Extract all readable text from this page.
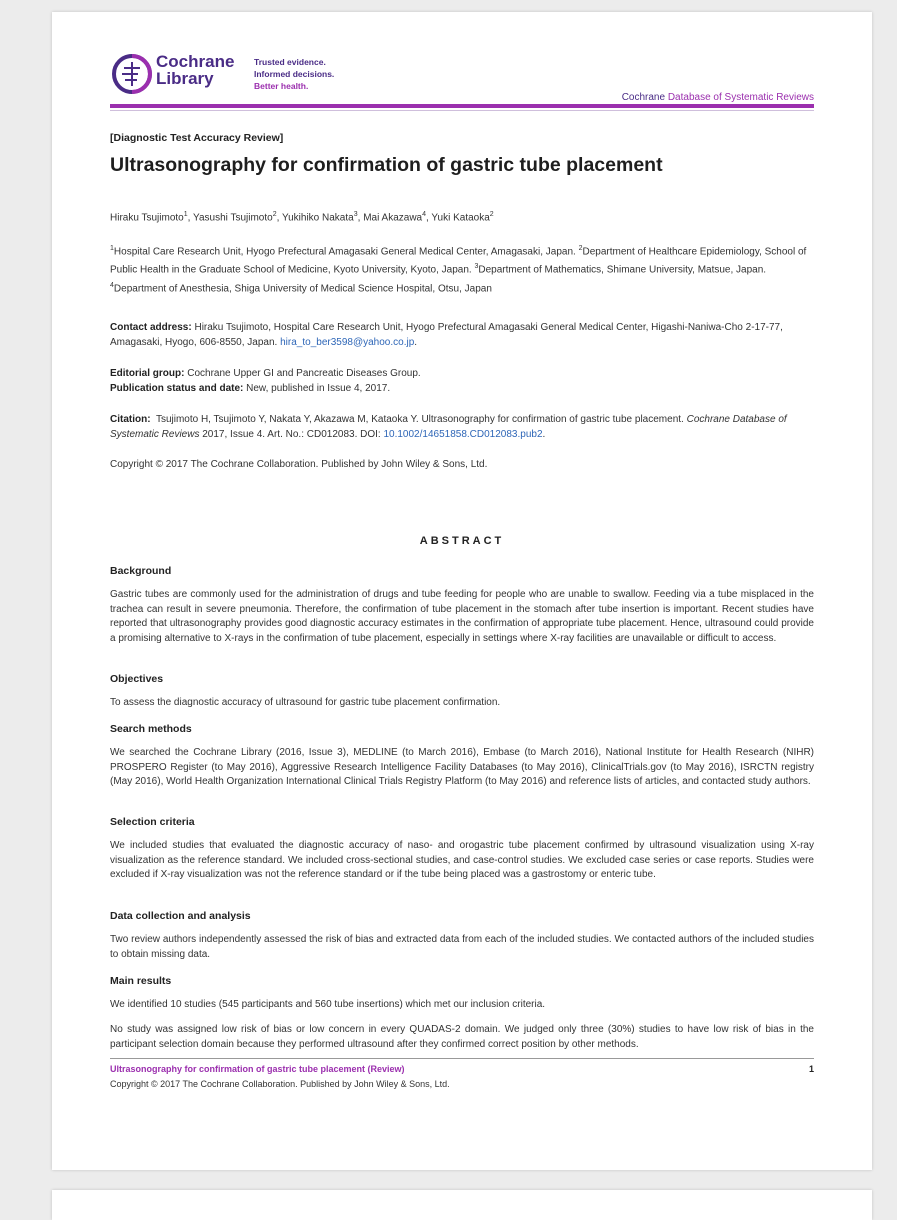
Cochrane
Library
Trusted evidence.
Informed decisions.
Better health.
Cochrane Database of Systematic Reviews
[Diagnostic Test Accuracy Review]
Ultrasonography for confirmation of gastric tube placement
Hiraku Tsujimoto$^1$, Yasushi Tsujimoto$^2$, Yukihiko Nakata$^3$, Mai Akazawa$^4$, Yuki Kataoka$^2$
$^1$Hospital Care Research Unit, Hyogo Prefectural Amagasaki General Medical Center, Amagasaki, Japan. $^2$Department of Healthcare Epidemiology, School of Public Health in the Graduate School of Medicine, Kyoto University, Kyoto, Japan. $^3$Department of Mathematics, Shimane University, Matsue, Japan. $^4$Department of Anesthesia, Shiga University of Medical Science Hospital, Otsu, Japan
Contact address: Hiraku Tsujimoto, Hospital Care Research Unit, Hyogo Prefectural Amagasaki General Medical Center, Higashi-Naniwa-Cho 2-17-77, Amagasaki, Hyogo, 606-8550, Japan. hira_to_ber3598@yahoo.co.jp.
Editorial group: Cochrane Upper GI and Pancreatic Diseases Group.
Publication status and date: New, published in Issue 4, 2017.
Citation: Tsujimoto H, Tsujimoto Y, Nakata Y, Akazawa M, Kataoka Y. Ultrasonography for confirmation of gastric tube placement. Cochrane Database of Systematic Reviews 2017, Issue 4. Art. No.: CD012083. DOI: 10.1002/14651858.CD012083.pub2.
Copyright © 2017 The Cochrane Collaboration. Published by John Wiley & Sons, Ltd.
ABSTRACT
Background
Gastric tubes are commonly used for the administration of drugs and tube feeding for people who are unable to swallow. Feeding via a tube misplaced in the trachea can result in severe pneumonia. Therefore, the confirmation of tube placement in the stomach after tube insertion is important. Recent studies have reported that ultrasonography provides good diagnostic accuracy estimates in the confirmation of appropriate tube placement. Hence, ultrasound could provide a promising alternative to X-rays in the confirmation of tube placement, especially in settings where X-ray facilities are unavailable or difficult to access.
Objectives
To assess the diagnostic accuracy of ultrasound for gastric tube placement confirmation.
Search methods
We searched the Cochrane Library (2016, Issue 3), MEDLINE (to March 2016), Embase (to March 2016), National Institute for Health Research (NIHR) PROSPERO Register (to May 2016), Aggressive Research Intelligence Facility Databases (to May 2016), ClinicalTrials.gov (to May 2016), ISRCTN registry (May 2016), World Health Organization International Clinical Trials Registry Platform (to May 2016) and reference lists of articles, and contacted study authors.
Selection criteria
We included studies that evaluated the diagnostic accuracy of naso- and orogastric tube placement confirmed by ultrasound visualization using X-ray visualization as the reference standard. We included cross-sectional studies, and case-control studies. We excluded case series or case reports. Studies were excluded if X-ray visualization was not the reference standard or if the tube being placed was a gastrostomy or enteric tube.
Data collection and analysis
Two review authors independently assessed the risk of bias and extracted data from each of the included studies. We contacted authors of the included studies to obtain missing data.
Main results
We identified 10 studies (545 participants and 560 tube insertions) which met our inclusion criteria.
No study was assigned low risk of bias or low concern in every QUADAS-2 domain. We judged only three (30%) studies to have low risk of bias in the participant selection domain because they performed ultrasound after they confirmed correct position by other methods.
Ultrasonography for confirmation of gastric tube placement (Review)	1
Copyright © 2017 The Cochrane Collaboration. Published by John Wiley & Sons, Ltd.
